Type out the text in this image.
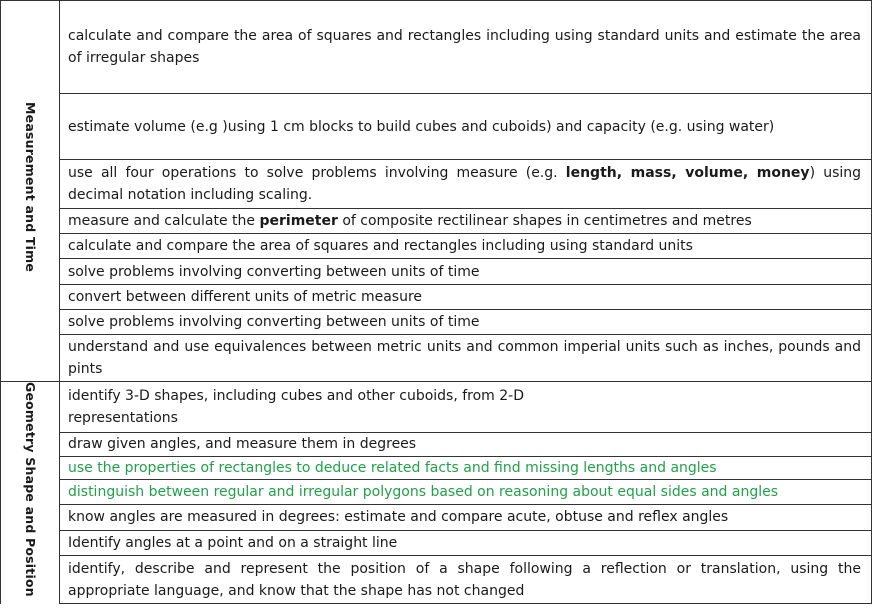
Measurement and Time	calculate and compare the area of squares and rectangles including using standard units and estimate the area of irregular shapes
	estimate volume (e.g )using 1 cm blocks to build cubes and cuboids) and capacity (e.g. using water)
	use all four operations to solve problems involving measure (e.g. length, mass, volume, money) using decimal notation including scaling.
	measure and calculate the perimeter of composite rectilinear shapes in centimetres and metres
	calculate and compare the area of squares and rectangles including using standard units
	solve problems involving converting between units of time
	convert between different units of metric measure
	solve problems involving converting between units of time
	understand and use equivalences between metric units and common imperial units such as inches, pounds and pints
Geometry Shape and Position	identify 3-D shapes, including cubes and other cuboids, from 2-D
representations

	draw given angles, and measure them in degrees
	use the properties of rectangles to deduce related facts and find missing lengths and angles
	distinguish between regular and irregular polygons based on reasoning about equal sides and angles
	know angles are measured in degrees: estimate and compare acute, obtuse and reflex angles
	Identify angles at a point and on a straight line
	identify, describe and represent the position of a shape following a reflection or translation, using the appropriate language, and know that the shape has not changed
